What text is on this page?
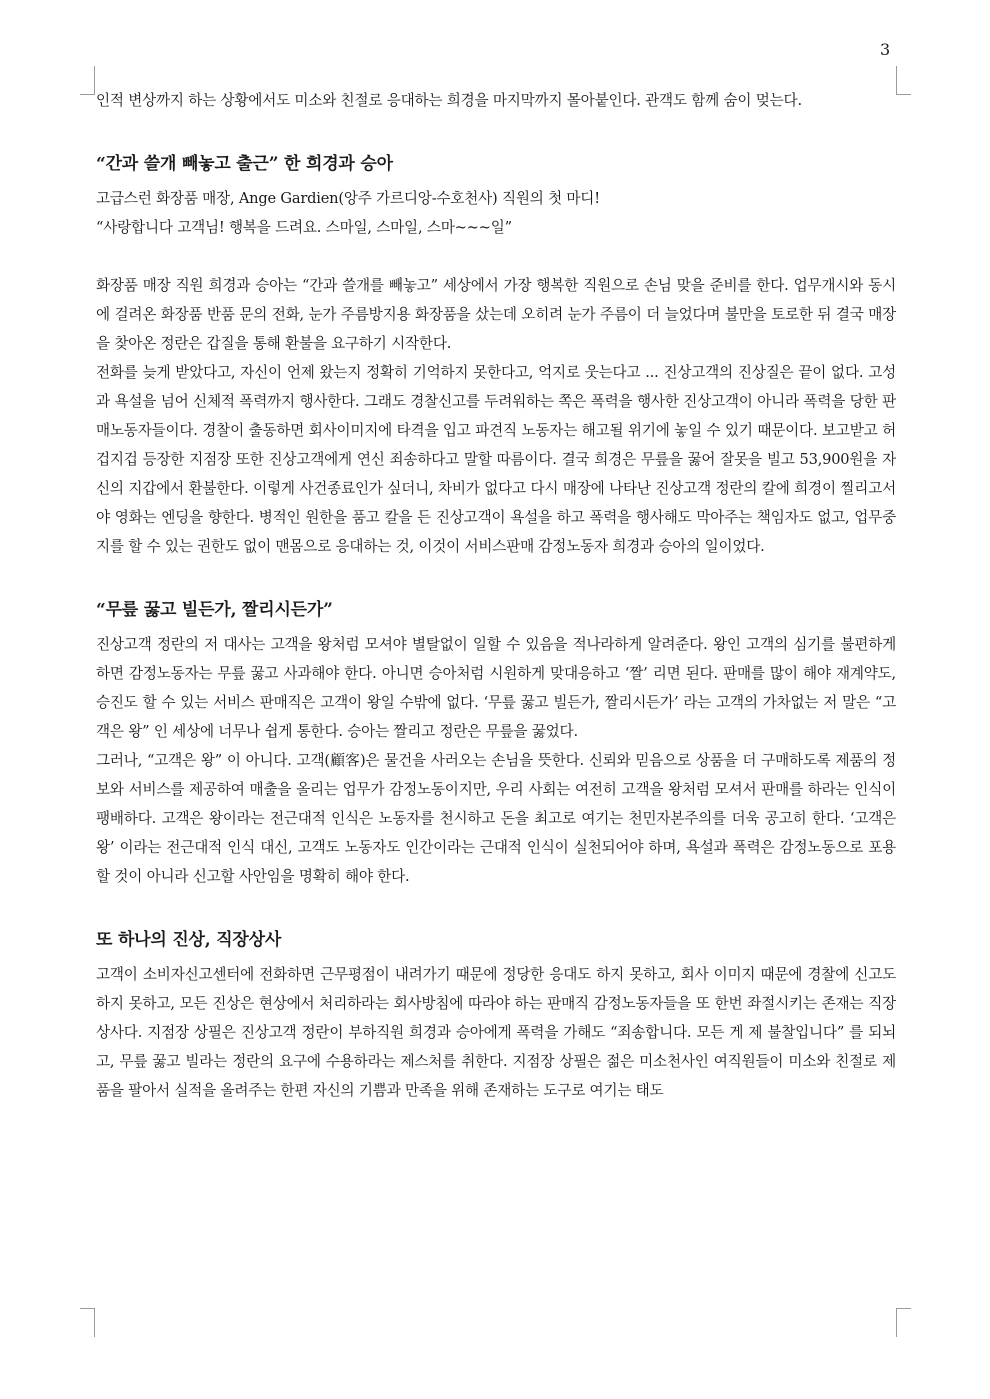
3

인적 변상까지 하는 상황에서도 미소와 친절로 응대하는 희경을 마지막까지 몰아붙인다. 관객도 함께 숨이 멎는다.

“간과 쓸개 빼놓고 출근” 한 희경과 승아

고급스런 화장품 매장, Ange Gardien(앙주 가르디앙-수호천사) 직원의 첫 마디!

“사랑합니다 고객님! 행복을 드려요. 스마일, 스마일, 스마~~~일”

화장품 매장 직원 희경과 승아는 “간과 쓸개를 빼놓고” 세상에서 가장 행복한 직원으로 손님 맞을 준비를 한다. 업무개시와 동시에 걸려온 화장품 반품 문의 전화, 눈가 주름방지용 화장품을 샀는데 오히려 눈가 주름이 더 늘었다며 불만을 토로한 뒤 결국 매장을 찾아온 정란은 갑질을 통해 환불을 요구하기 시작한다.

전화를 늦게 받았다고, 자신이 언제 왔는지 정확히 기억하지 못한다고, 억지로 웃는다고 ... 진상고객의 진상질은 끝이 없다. 고성과 욕설을 넘어 신체적 폭력까지 행사한다. 그래도 경찰신고를 두려워하는 쪽은 폭력을 행사한 진상고객이 아니라 폭력을 당한 판매노동자들이다. 경찰이 출동하면 회사이미지에 타격을 입고 파견직 노동자는 해고될 위기에 놓일 수 있기 때문이다. 보고받고 허겁지겁 등장한 지점장 또한 진상고객에게 연신 죄송하다고 말할 따름이다. 결국 희경은 무릎을 꿇어 잘못을 빌고 53,900원을 자신의 지갑에서 환불한다. 이렇게 사건종료인가 싶더니, 차비가 없다고 다시 매장에 나타난 진상고객 정란의 칼에 희경이 찔리고서야 영화는 엔딩을 향한다. 병적인 원한을 품고 칼을 든 진상고객이 욕설을 하고 폭력을 행사해도 막아주는 책임자도 없고, 업무중지를 할 수 있는 권한도 없이 맨몸으로 응대하는 것, 이것이 서비스판매 감정노동자 희경과 승아의 일이었다.

“무릎 꿇고 빌든가, 짤리시든가”

진상고객 정란의 저 대사는 고객을 왕처럼 모셔야 별탈없이 일할 수 있음을 적나라하게 알려준다. 왕인 고객의 심기를 불편하게 하면 감정노동자는 무릎 꿇고 사과해야 한다. 아니면 승아처럼 시원하게 맞대응하고 ‘짤’ 리면 된다. 판매를 많이 해야 재계약도, 승진도 할 수 있는 서비스 판매직은 고객이 왕일 수밖에 없다. ‘무릎 꿇고 빌든가, 짤리시든가’ 라는 고객의 가차없는 저 말은 “고객은 왕” 인 세상에 너무나 쉽게 통한다. 승아는 짤리고 정란은 무릎을 꿇었다.

그러나, “고객은 왕” 이 아니다. 고객(顧客)은 물건을 사러오는 손님을 뜻한다. 신뢰와 믿음으로 상품을 더 구매하도록 제품의 정보와 서비스를 제공하여 매출을 올리는 업무가 감정노동이지만, 우리 사회는 여전히 고객을 왕처럼 모셔서 판매를 하라는 인식이 팽배하다. 고객은 왕이라는 전근대적 인식은 노동자를 천시하고 돈을 최고로 여기는 천민자본주의를 더욱 공고히 한다. ‘고객은 왕’ 이라는 전근대적 인식 대신, 고객도 노동자도 인간이라는 근대적 인식이 실천되어야 하며, 욕설과 폭력은 감정노동으로 포용할 것이 아니라 신고할 사안임을 명확히 해야 한다.

또 하나의 진상, 직장상사

고객이 소비자신고센터에 전화하면 근무평점이 내려가기 때문에 정당한 응대도 하지 못하고, 회사 이미지 때문에 경찰에 신고도 하지 못하고, 모든 진상은 현상에서 처리하라는 회사방침에 따라야 하는 판매직 감정노동자들을 또 한번 좌절시키는 존재는 직장상사다. 지점장 상필은 진상고객 정란이 부하직원 희경과 승아에게 폭력을 가해도 “죄송합니다. 모든 게 제 불찰입니다” 를 되뇌고, 무릎 꿇고 빌라는 정란의 요구에 수용하라는 제스처를 취한다. 지점장 상필은 젊은 미소천사인 여직원들이 미소와 친절로 제품을 팔아서 실적을 올려주는 한편 자신의 기쁨과 만족을 위해 존재하는 도구로 여기는 태도
